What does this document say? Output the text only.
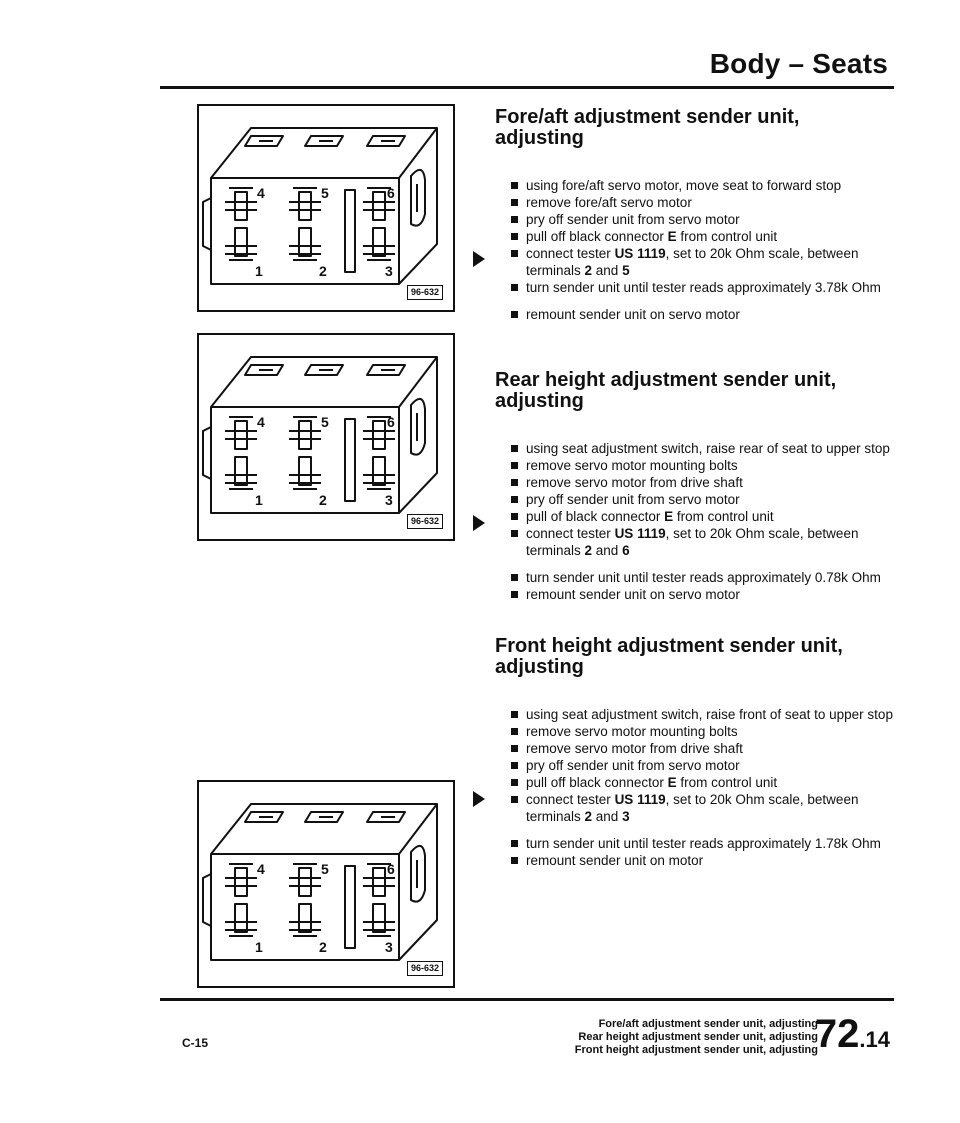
Body – Seats
4	5	6
1	2	3
96-632
4	5	6
1	2	3
96-632
4	5	6
1	2	3
96-632
Fore/aft adjustment sender unit,
adjusting
using fore/aft servo motor, move seat to forward stop
remove fore/aft servo motor
pry off sender unit from servo motor
pull off black connector E from control unit
connect tester US 1119, set to 20k Ohm scale, between terminals 2 and 5
turn sender unit until tester reads approximately 3.78k Ohm
remount sender unit on servo motor
Rear height adjustment sender unit,
adjusting
using seat adjustment switch, raise rear of seat to upper stop
remove servo motor mounting bolts
remove servo motor from drive shaft
pry off sender unit from servo motor
pull of black connector E from control unit
connect tester US 1119, set to 20k Ohm scale, between terminals 2 and 6
turn sender unit until tester reads approximately 0.78k Ohm
remount sender unit on servo motor
Front height adjustment sender unit,
adjusting
using seat adjustment switch, raise front of seat to upper stop
remove servo motor mounting bolts
remove servo motor from drive shaft
pry off sender unit from servo motor
pull off black connector E from control unit
connect tester US 1119, set to 20k Ohm scale, between terminals 2 and 3
turn sender unit until tester reads approximately 1.78k Ohm
remount sender unit on motor
C-15
Fore/aft adjustment sender unit, adjusting
Rear height adjustment sender unit, adjusting
Front height adjustment sender unit, adjusting
72.14
